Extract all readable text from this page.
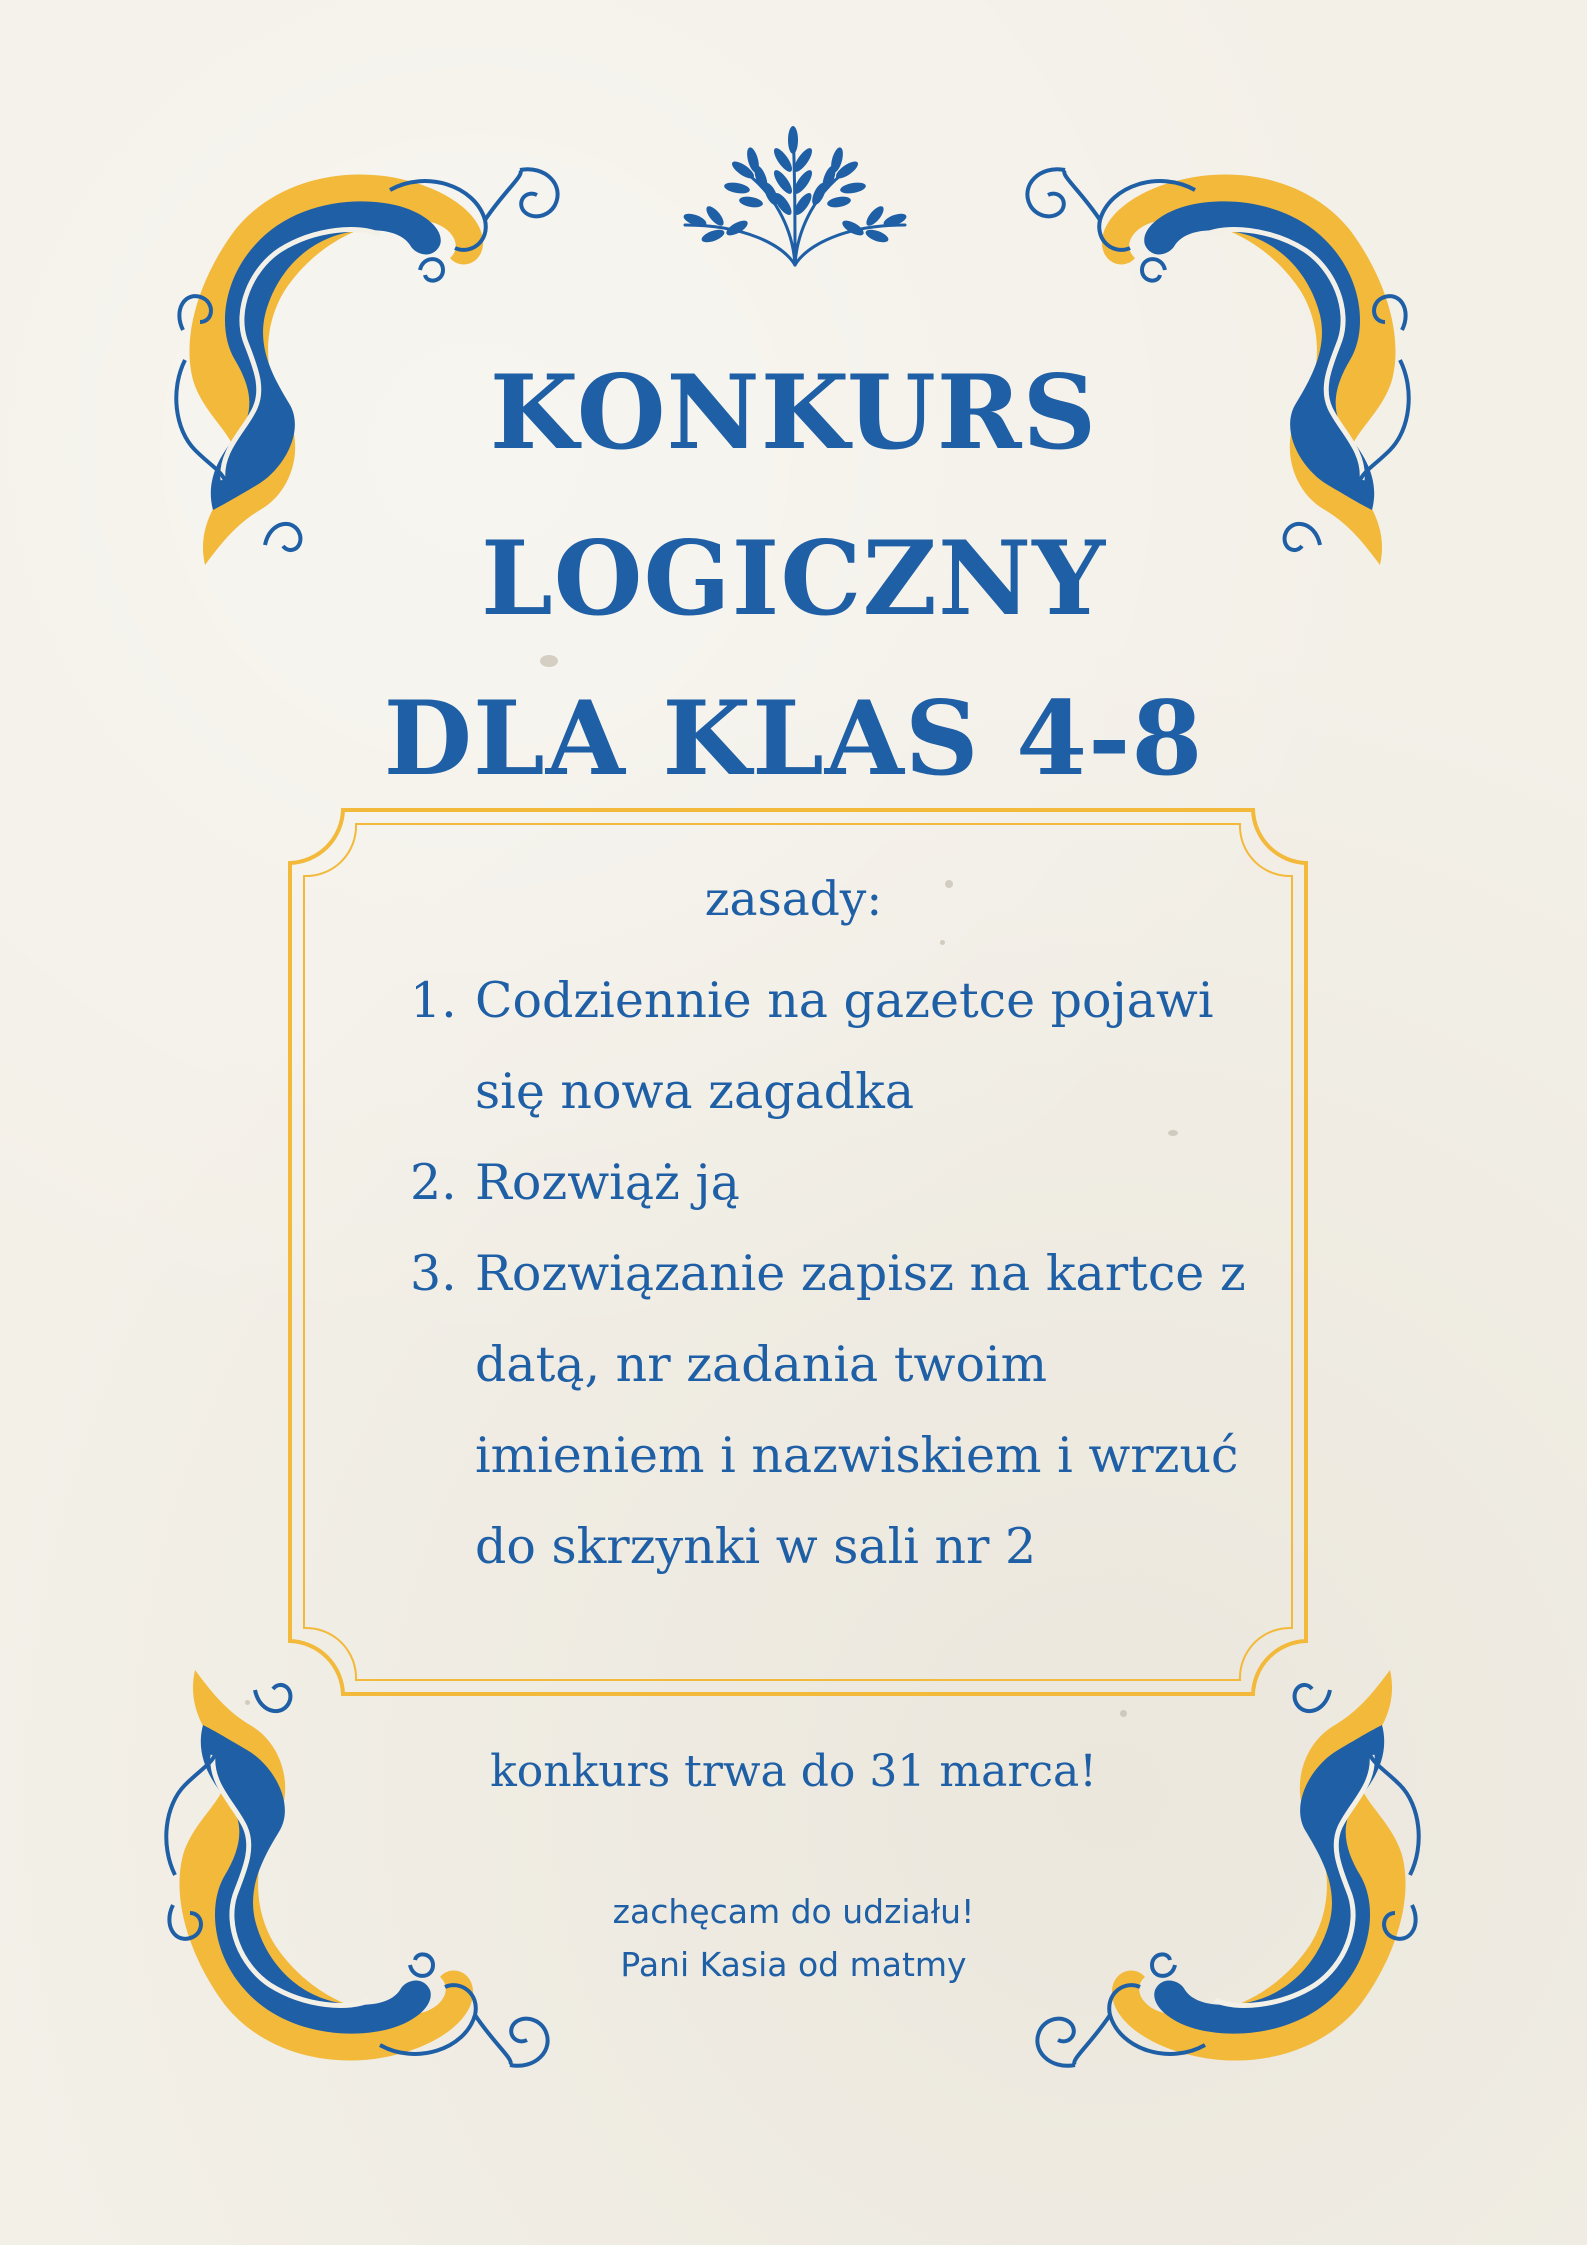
KONKURS
LOGICZNY
DLA KLAS 4-8

zasady:

1. Codziennie na gazetce pojawi się nowa zagadka
2. Rozwiąż ją
3. Rozwiązanie zapisz na kartce z datą, nr zadania twoim imieniem i nazwiskiem i wrzuć do skrzynki w sali nr 2

konkurs trwa do 31 marca!

zachęcam do udziału!
Pani Kasia od matmy
